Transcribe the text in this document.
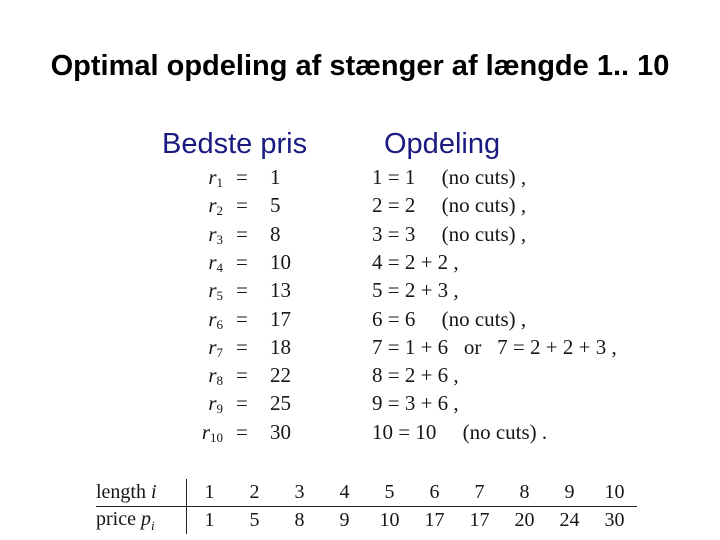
Optimal opdeling af stænger af længde 1.. 10
Bedste pris	Opdeling
$r_1 = 1$	1 = 1     (no cuts) ,
$r_2 = 5$	2 = 2     (no cuts) ,
$r_3 = 8$	3 = 3     (no cuts) ,
$r_4 = 10$	4 = 2 + 2 ,
$r_5 = 13$	5 = 2 + 3 ,
$r_6 = 17$	6 = 6     (no cuts) ,
$r_7 = 18$	7 = 1 + 6   or   7 = 2 + 2 + 3 ,
$r_8 = 22$	8 = 2 + 6 ,
$r_9 = 25$	9 = 3 + 6 ,
$r_{10} = 30$	10 = 10     (no cuts) .
length i	1	2	3	4	5	6	7	8	9	10
price $p_i$	1	5	8	9	10	17	17	20	24	30
